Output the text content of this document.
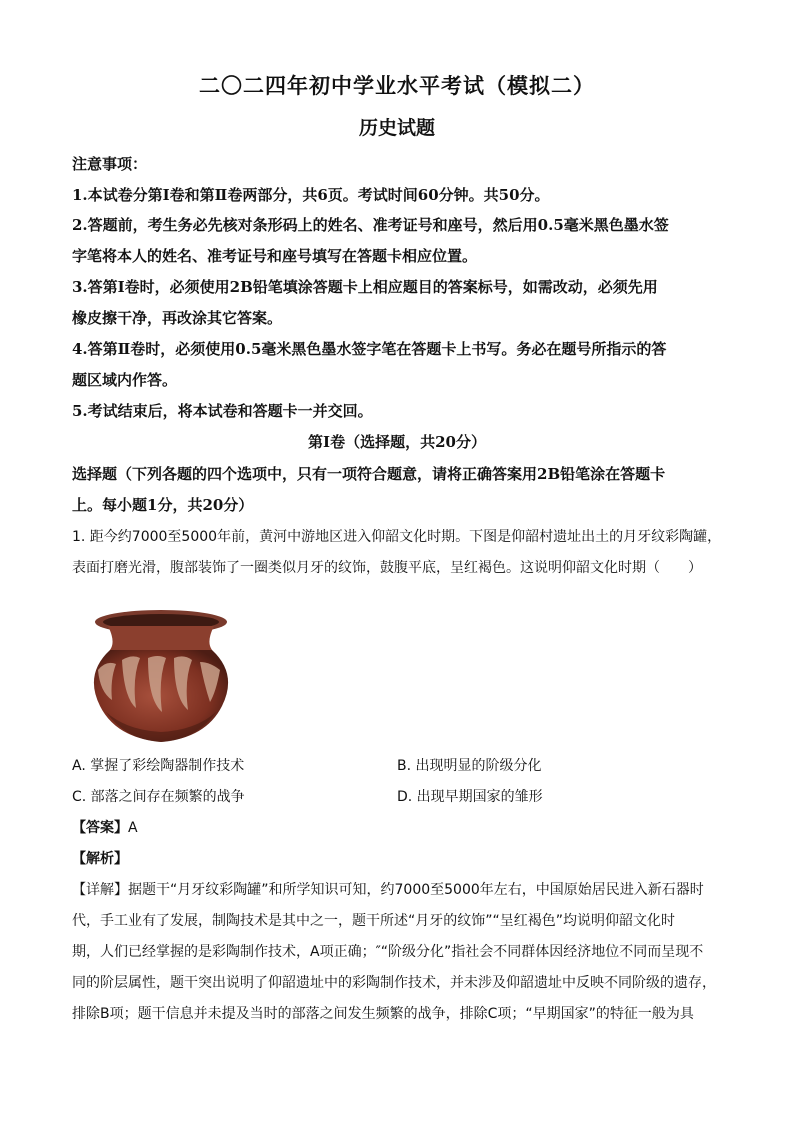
二〇二四年初中学业水平考试（模拟二）
历史试题
注意事项：
1.本试卷分第Ⅰ卷和第Ⅱ卷两部分，共6页。考试时间60分钟。共50分。
2.答题前，考生务必先核对条形码上的姓名、准考证号和座号，然后用0.5毫米黑色墨水签
字笔将本人的姓名、准考证号和座号填写在答题卡相应位置。
3.答第Ⅰ卷时，必须使用2B铅笔填涂答题卡上相应题目的答案标号，如需改动，必须先用
橡皮擦干净，再改涂其它答案。
4.答第Ⅱ卷时，必须使用0.5毫米黑色墨水签字笔在答题卡上书写。务必在题号所指示的答
题区域内作答。
5.考试结束后，将本试卷和答题卡一并交回。
第Ⅰ卷（选择题，共20分）
选择题（下列各题的四个选项中，只有一项符合题意，请将正确答案用2B铅笔涂在答题卡
上。每小题1分，共20分）
1. 距今约7000至5000年前，黄河中游地区进入仰韶文化时期。下图是仰韶村遗址出土的月牙纹彩陶罐，
表面打磨光滑，腹部装饰了一圈类似月牙的纹饰，鼓腹平底，呈红褐色。这说明仰韶文化时期（　　）
A. 掌握了彩绘陶器制作技术	B. 出现明显的阶级分化
C. 部落之间存在频繁的战争	D. 出现早期国家的雏形
【答案】A
【解析】
【详解】据题干“月牙纹彩陶罐”和所学知识可知，约7000至5000年左右，中国原始居民进入新石器时
代，手工业有了发展，制陶技术是其中之一，题干所述“月牙的纹饰”“呈红褐色”均说明仰韶文化时
期，人们已经掌握的是彩陶制作技术，A项正确；″“阶级分化”指社会不同群体因经济地位不同而呈现不
同的阶层属性，题干突出说明了仰韶遗址中的彩陶制作技术，并未涉及仰韶遗址中反映不同阶级的遗存，
排除B项；题干信息并未提及当时的部落之间发生频繁的战争，排除C项；“早期国家”的特征一般为具
